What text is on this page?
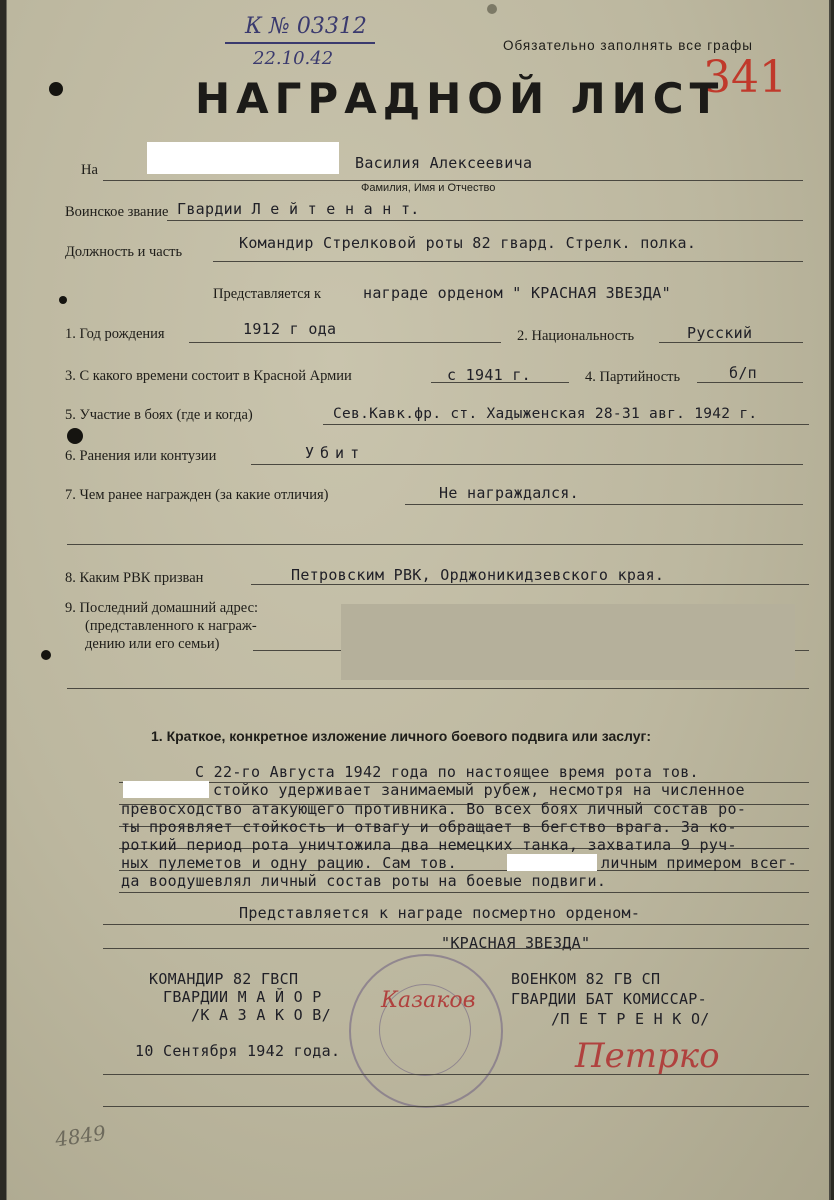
К № 03312
22.10.42
Обязательно заполнять все графы
341
НАГРАДНОЙ ЛИСТ
На	Василия Алексеевича
Фамилия, Имя и Отчество
Воинское звание Гвардии Л е й т е н а н т.
Должность и часть	Командир Стрелковой роты 82 гвард. Стрелк. полка.
Представляется к	награде орденом " КРАСНАЯ ЗВЕЗДА"
1. Год рождения	1912 г ода	2. Национальность	Русский
3. С какого времени состоит в Красной Армии	с 1941 г.	4. Партийность	б/п
5. Участие в боях (где и когда)	Сев.Кавк.фр. ст. Хадыженская 28-31 авг. 1942 г.
6. Ранения или контузии	Убит
7. Чем ранее награжден (за какие отличия)	Не награждался.
8. Каким РВК призван	Петровским РВК, Орджоникидзевского края.
9. Последний домашний адрес:
(представленного к награж-
дению или его семьи)
1. Краткое, конкретное изложение личного боевого подвига или заслуг:
С 22-го Августа 1942 года по настоящее время рота тов.
стойко удерживает занимаемый рубеж, несмотря на численное
превосходство атакующего противника. Во всех боях личный состав ро-
ты проявляет стойкость и отвагу и обращает в бегство врага. За ко-
роткий период рота уничтожила два немецких танка, захватила 9 руч-
ных пулеметов и одну рацию. Сам тов.	личным примером всег-
да воодушевлял личный состав роты на боевые подвиги.
Представляется к награде посмертно орденом-
"КРАСНАЯ ЗВЕЗДА"
КОМАНДИР 82 ГВСП
ГВАРДИИ М А Й О Р
/К А З А К О В/
Казаков
ВОЕНКОМ 82 ГВ СП
ГВАРДИИ БАТ КОМИССАР-
/П Е Т Р Е Н К О/
10 Сентября 1942 года.	Петрко
4849
